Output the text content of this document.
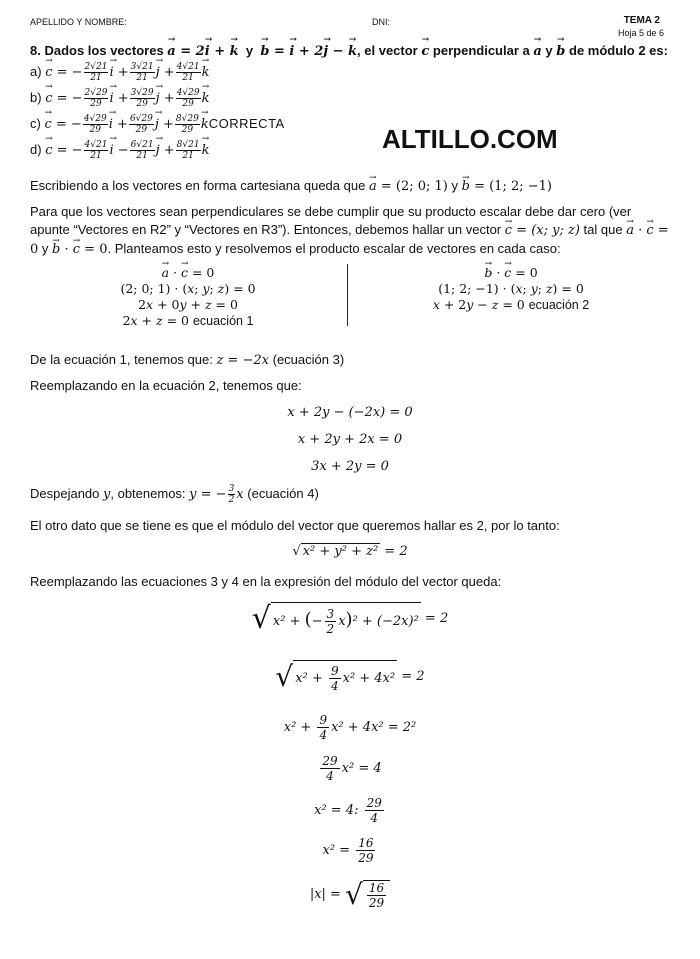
APELLIDO Y NOMBRE:	DNI:	TEMA 2
Hoja 5 de 6
ALTILLO.COM
8. Dados los vectores → a = 2→ i + → k y  → b = → i + 2→ j − → k, el vector → c perpendicular a → a y → b de módulo 2 es:
a) → c = − $\frac{2√21}{21}$
→ $i + \frac{3√21}{21}$
→ $j + \frac{4√21}{21}$
→ k
b) → c = − $\frac{2√29}{29}$
→ $i + \frac{3√29}{29}$
→ $j + \frac{4√29}{29}$
→ k
c) → c = − $\frac{4√29}{29}$
→ $i + \frac{6√29}{29}$
→ $j + \frac{8√29}{29}$
→ kCORRECTA
d) → c = − $\frac{4√21}{21}$
→ $i - \frac{6√21}{21}$
→ $j + \frac{8√21}{21}$
→ k
Escribiendo a los vectores en forma cartesiana queda que → a = (2; 0; 1) y → b = (1; 2; −1)
Para que los vectores sean perpendiculares se debe cumplir que su producto escalar debe dar cero (ver
apunte “Vectores en R2” y “Vectores en R3”). Entonces, debemos hallar un vector → c = (x; y; z) tal que → a · → c =
0 y → b · → c = 0. Planteamos esto y resolvemos el producto escalar de vectores en cada caso:
→ a · → c = 0
(2; 0; 1) · (x; y; z) = 0
2x + 0y + z = 0
2x + z = 0 ecuación 1
→ b · → c = 0
(1; 2; −1) · (x; y; z) = 0
x + 2y − z = 0 ecuación 2
De la ecuación 1, tenemos que: z = −2x (ecuación 3)
Reemplazando en la ecuación 2, tenemos que:
x + 2y − (−2x) = 0
x + 2y + 2x = 0
3x + 2y = 0
Despejando y, obtenemos: y = − $\frac{3}{2}$ x (ecuación 4)
El otro dato que se tiene es que el módulo del vector que queremos hallar es 2, por lo tanto:
√ x² + y² + z² = 2
Reemplazando las ecuaciones 3 y 4 en la expresión del módulo del vector queda:
√ x² + (− $\frac{3}{2} x)^2 + (-2x)^2 = 2$
√ $x^2 + \frac{9}{4} x^2 + 4x^2 = 2$
$x^2 + \frac{9}{4} x^2 + 4x^2 = 2^2$
$\frac{29}{4} x^2 = 4$
x² = 4: $\frac{29}{4}$
$x^2 = \frac{16}{29}$
|x| = √ $\frac{16}{29}$
